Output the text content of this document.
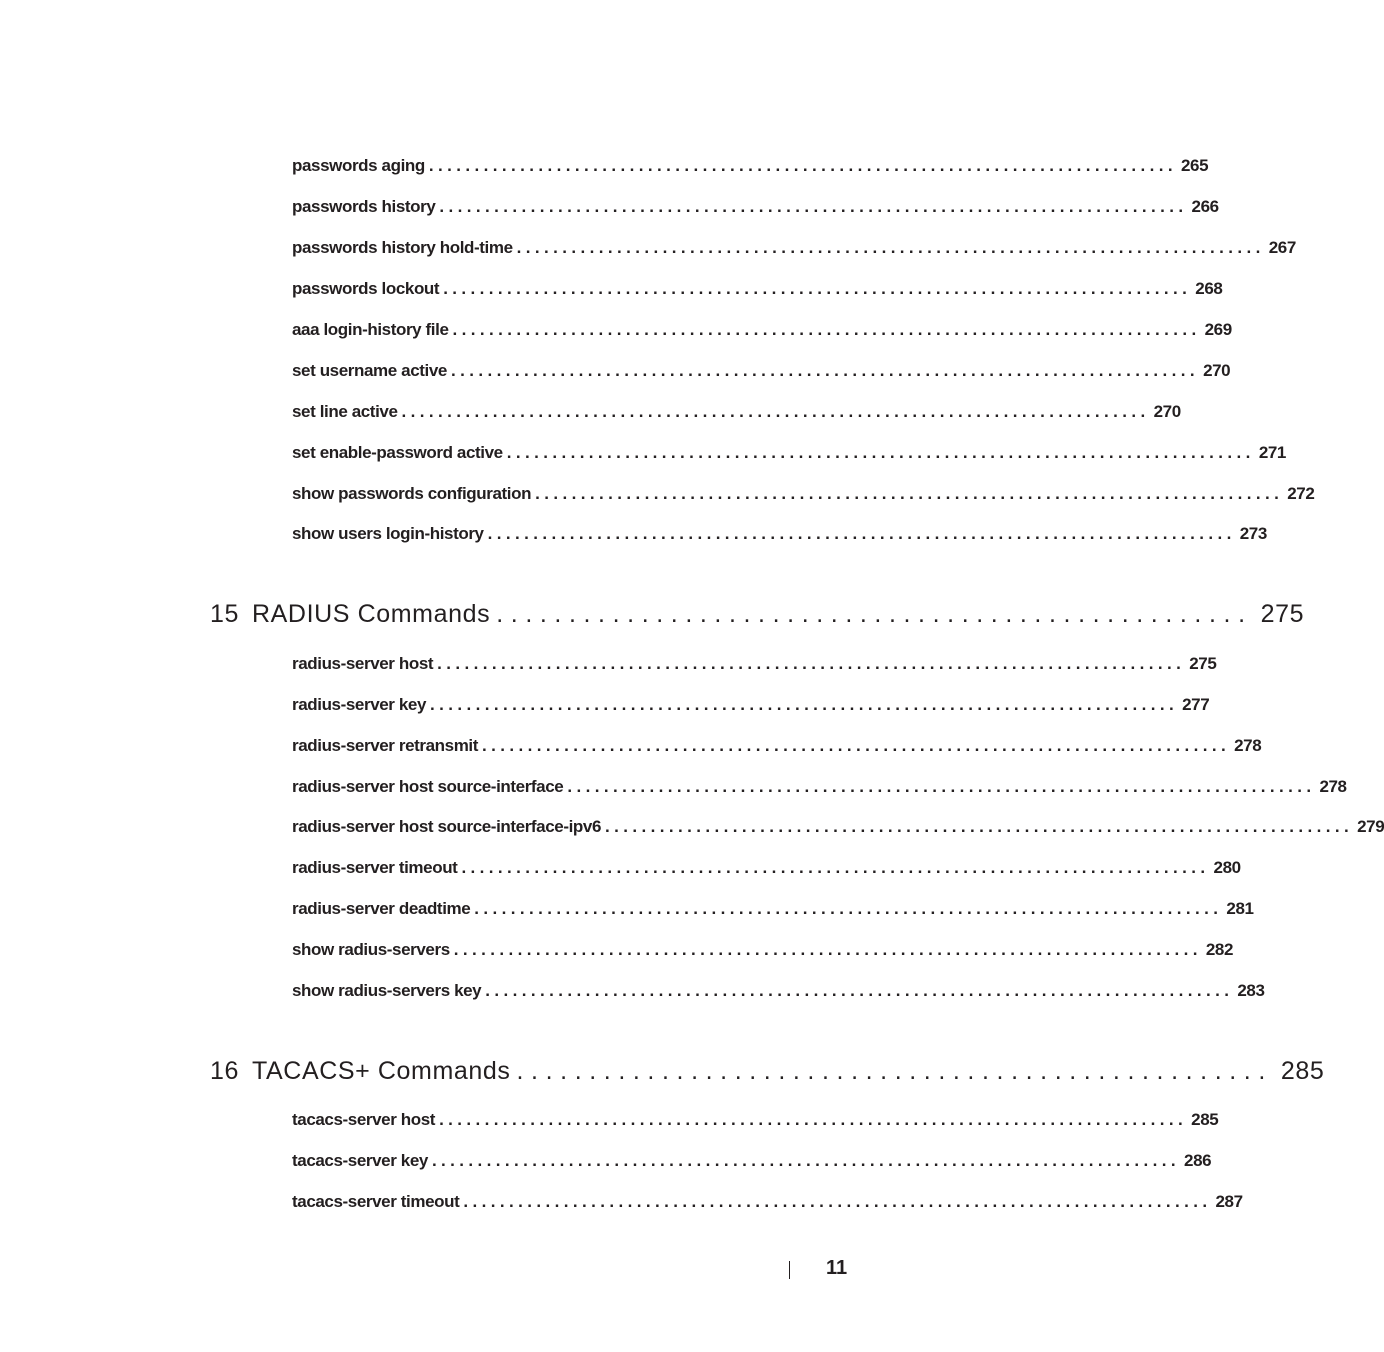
passwords aging .................................................................................. 265
passwords history .................................................................................. 266
passwords history hold-time .................................................................................. 267
passwords lockout .................................................................................. 268
aaa login-history file .................................................................................. 269
set username active .................................................................................. 270
set line active .................................................................................. 270
set enable-password active .................................................................................. 271
show passwords configuration .................................................................................. 272
show users login-history .................................................................................. 273
15 RADIUS Commands .................................................... 275
radius-server host .................................................................................. 275
radius-server key .................................................................................. 277
radius-server retransmit .................................................................................. 278
radius-server host source-interface .................................................................................. 278
radius-server host source-interface-ipv6 .................................................................................. 279
radius-server timeout .................................................................................. 280
radius-server deadtime .................................................................................. 281
show radius-servers .................................................................................. 282
show radius-servers key .................................................................................. 283
16 TACACS+ Commands .................................................... 285
tacacs-server host .................................................................................. 285
tacacs-server key .................................................................................. 286
tacacs-server timeout .................................................................................. 287
11
